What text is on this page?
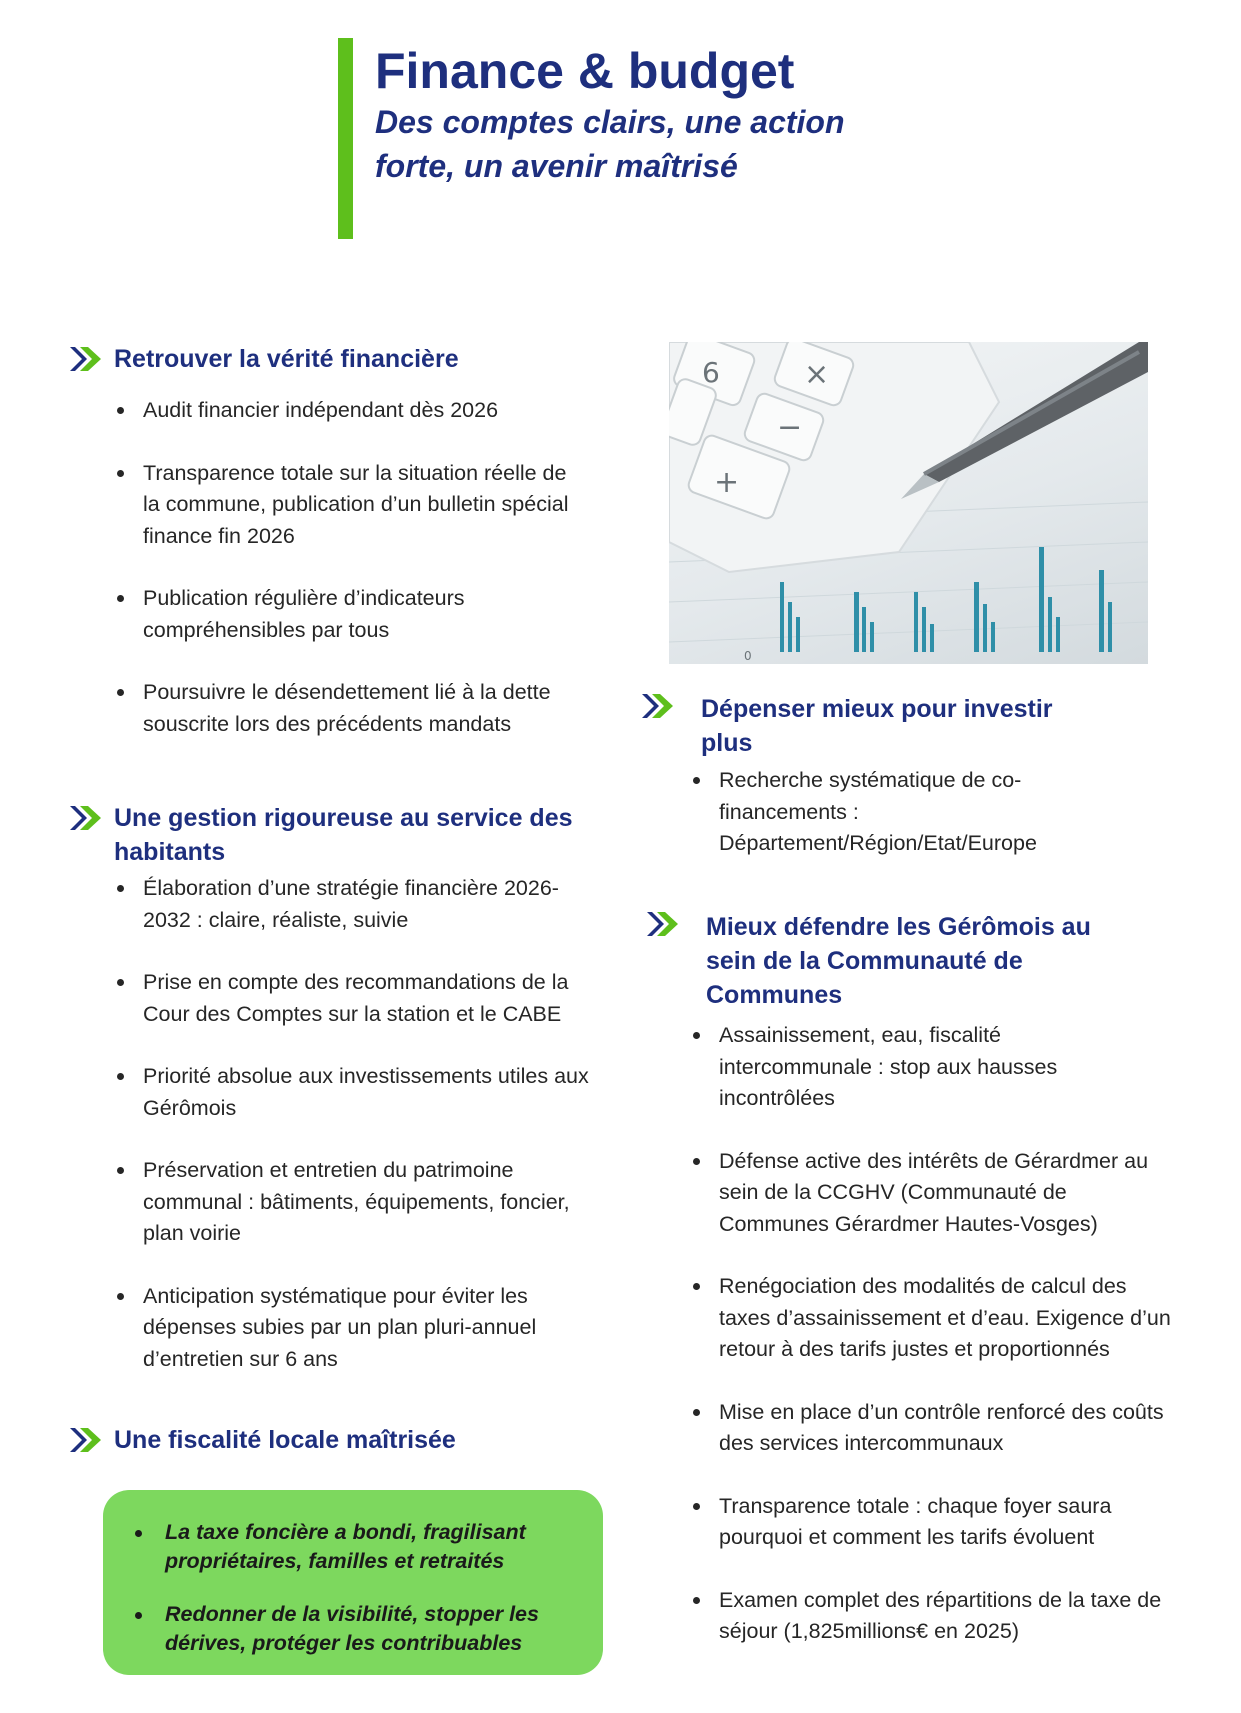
Finance & budget
Des comptes clairs, une action forte, un avenir maîtrisé
Retrouver la vérité financière
Audit financier indépendant dès 2026
Transparence totale sur la situation réelle de la commune, publication d’un bulletin spécial finance fin 2026
Publication régulière d’indicateurs compréhensibles par tous
Poursuivre le désendettement lié à la dette souscrite lors des précédents mandats
Une gestion rigoureuse au service des habitants
Élaboration d’une stratégie financière 2026-2032 : claire, réaliste, suivie
Prise en compte des recommandations de la Cour des Comptes sur la station et le CABE
Priorité absolue aux investissements utiles aux Gérômois
Préservation et entretien du patrimoine communal : bâtiments, équipements, foncier, plan voirie
Anticipation systématique pour éviter les dépenses subies par un plan pluri-annuel d’entretien sur 6 ans
Une fiscalité locale maîtrisée
La taxe foncière a bondi, fragilisant propriétaires, familles et retraités
Redonner de la visibilité, stopper les dérives, protéger les contribuables
6	×
−
+
0
Dépenser mieux pour investir plus
Recherche systématique de co-financements : Département/Région/Etat/Europe
Mieux défendre les Gérômois au sein de la Communauté de Communes
Assainissement, eau, fiscalité intercommunale : stop aux hausses incontrôlées
Défense active des intérêts de Gérardmer au sein de la CCGHV (Communauté de Communes Gérardmer Hautes-Vosges)
Renégociation des modalités de calcul des taxes d’assainissement et d’eau. Exigence d’un retour à des tarifs justes et proportionnés
Mise en place d’un contrôle renforcé des coûts des services intercommunaux
Transparence totale : chaque foyer saura pourquoi et comment les tarifs évoluent
Examen complet des répartitions de la taxe de séjour (1,825millions€ en 2025)
